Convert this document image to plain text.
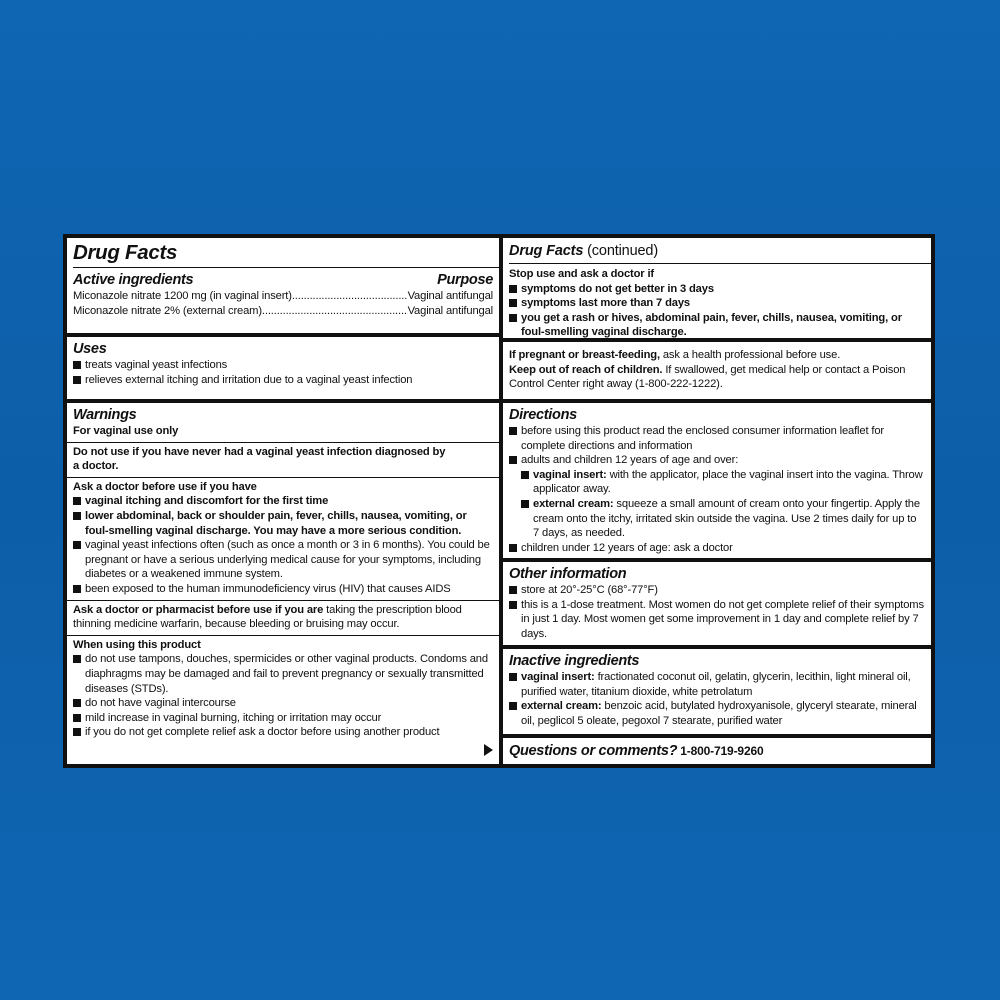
Drug Facts
Active ingredients	Purpose
Miconazole nitrate 1200 mg (in vaginal insert) .....	Vaginal antifungal
Miconazole nitrate 2% (external cream) .....	Vaginal antifungal
Uses
treats vaginal yeast infections
relieves external itching and irritation due to a vaginal yeast infection
Warnings
For vaginal use only
Do not use if you have never had a vaginal yeast infection diagnosed by a doctor.
Ask a doctor before use if you have
vaginal itching and discomfort for the first time
lower abdominal, back or shoulder pain, fever, chills, nausea, vomiting, or foul-smelling vaginal discharge. You may have a more serious condition.
vaginal yeast infections often (such as once a month or 3 in 6 months). You could be pregnant or have a serious underlying medical cause for your symptoms, including diabetes or a weakened immune system.
been exposed to the human immunodeficiency virus (HIV) that causes AIDS
Ask a doctor or pharmacist before use if you are taking the prescription blood thinning medicine warfarin, because bleeding or bruising may occur.
When using this product
do not use tampons, douches, spermicides or other vaginal products. Condoms and diaphragms may be damaged and fail to prevent pregnancy or sexually transmitted diseases (STDs).
do not have vaginal intercourse
mild increase in vaginal burning, itching or irritation may occur
if you do not get complete relief ask a doctor before using another product
Drug Facts (continued)
Stop use and ask a doctor if
symptoms do not get better in 3 days
symptoms last more than 7 days
you get a rash or hives, abdominal pain, fever, chills, nausea, vomiting, or foul-smelling vaginal discharge.
If pregnant or breast-feeding, ask a health professional before use.
Keep out of reach of children. If swallowed, get medical help or contact a Poison Control Center right away (1-800-222-1222).
Directions
before using this product read the enclosed consumer information leaflet for complete directions and information
adults and children 12 years of age and over:
vaginal insert: with the applicator, place the vaginal insert into the vagina. Throw applicator away.
external cream: squeeze a small amount of cream onto your fingertip. Apply the cream onto the itchy, irritated skin outside the vagina. Use 2 times daily for up to 7 days, as needed.
children under 12 years of age: ask a doctor
Other information
store at 20°-25°C (68°-77°F)
this is a 1-dose treatment. Most women do not get complete relief of their symptoms in just 1 day. Most women get some improvement in 1 day and complete relief by 7 days.
Inactive ingredients
vaginal insert: fractionated coconut oil, gelatin, glycerin, lecithin, light mineral oil, purified water, titanium dioxide, white petrolatum
external cream: benzoic acid, butylated hydroxyanisole, glyceryl stearate, mineral oil, peglicol 5 oleate, pegoxol 7 stearate, purified water
Questions or comments? 1-800-719-9260
